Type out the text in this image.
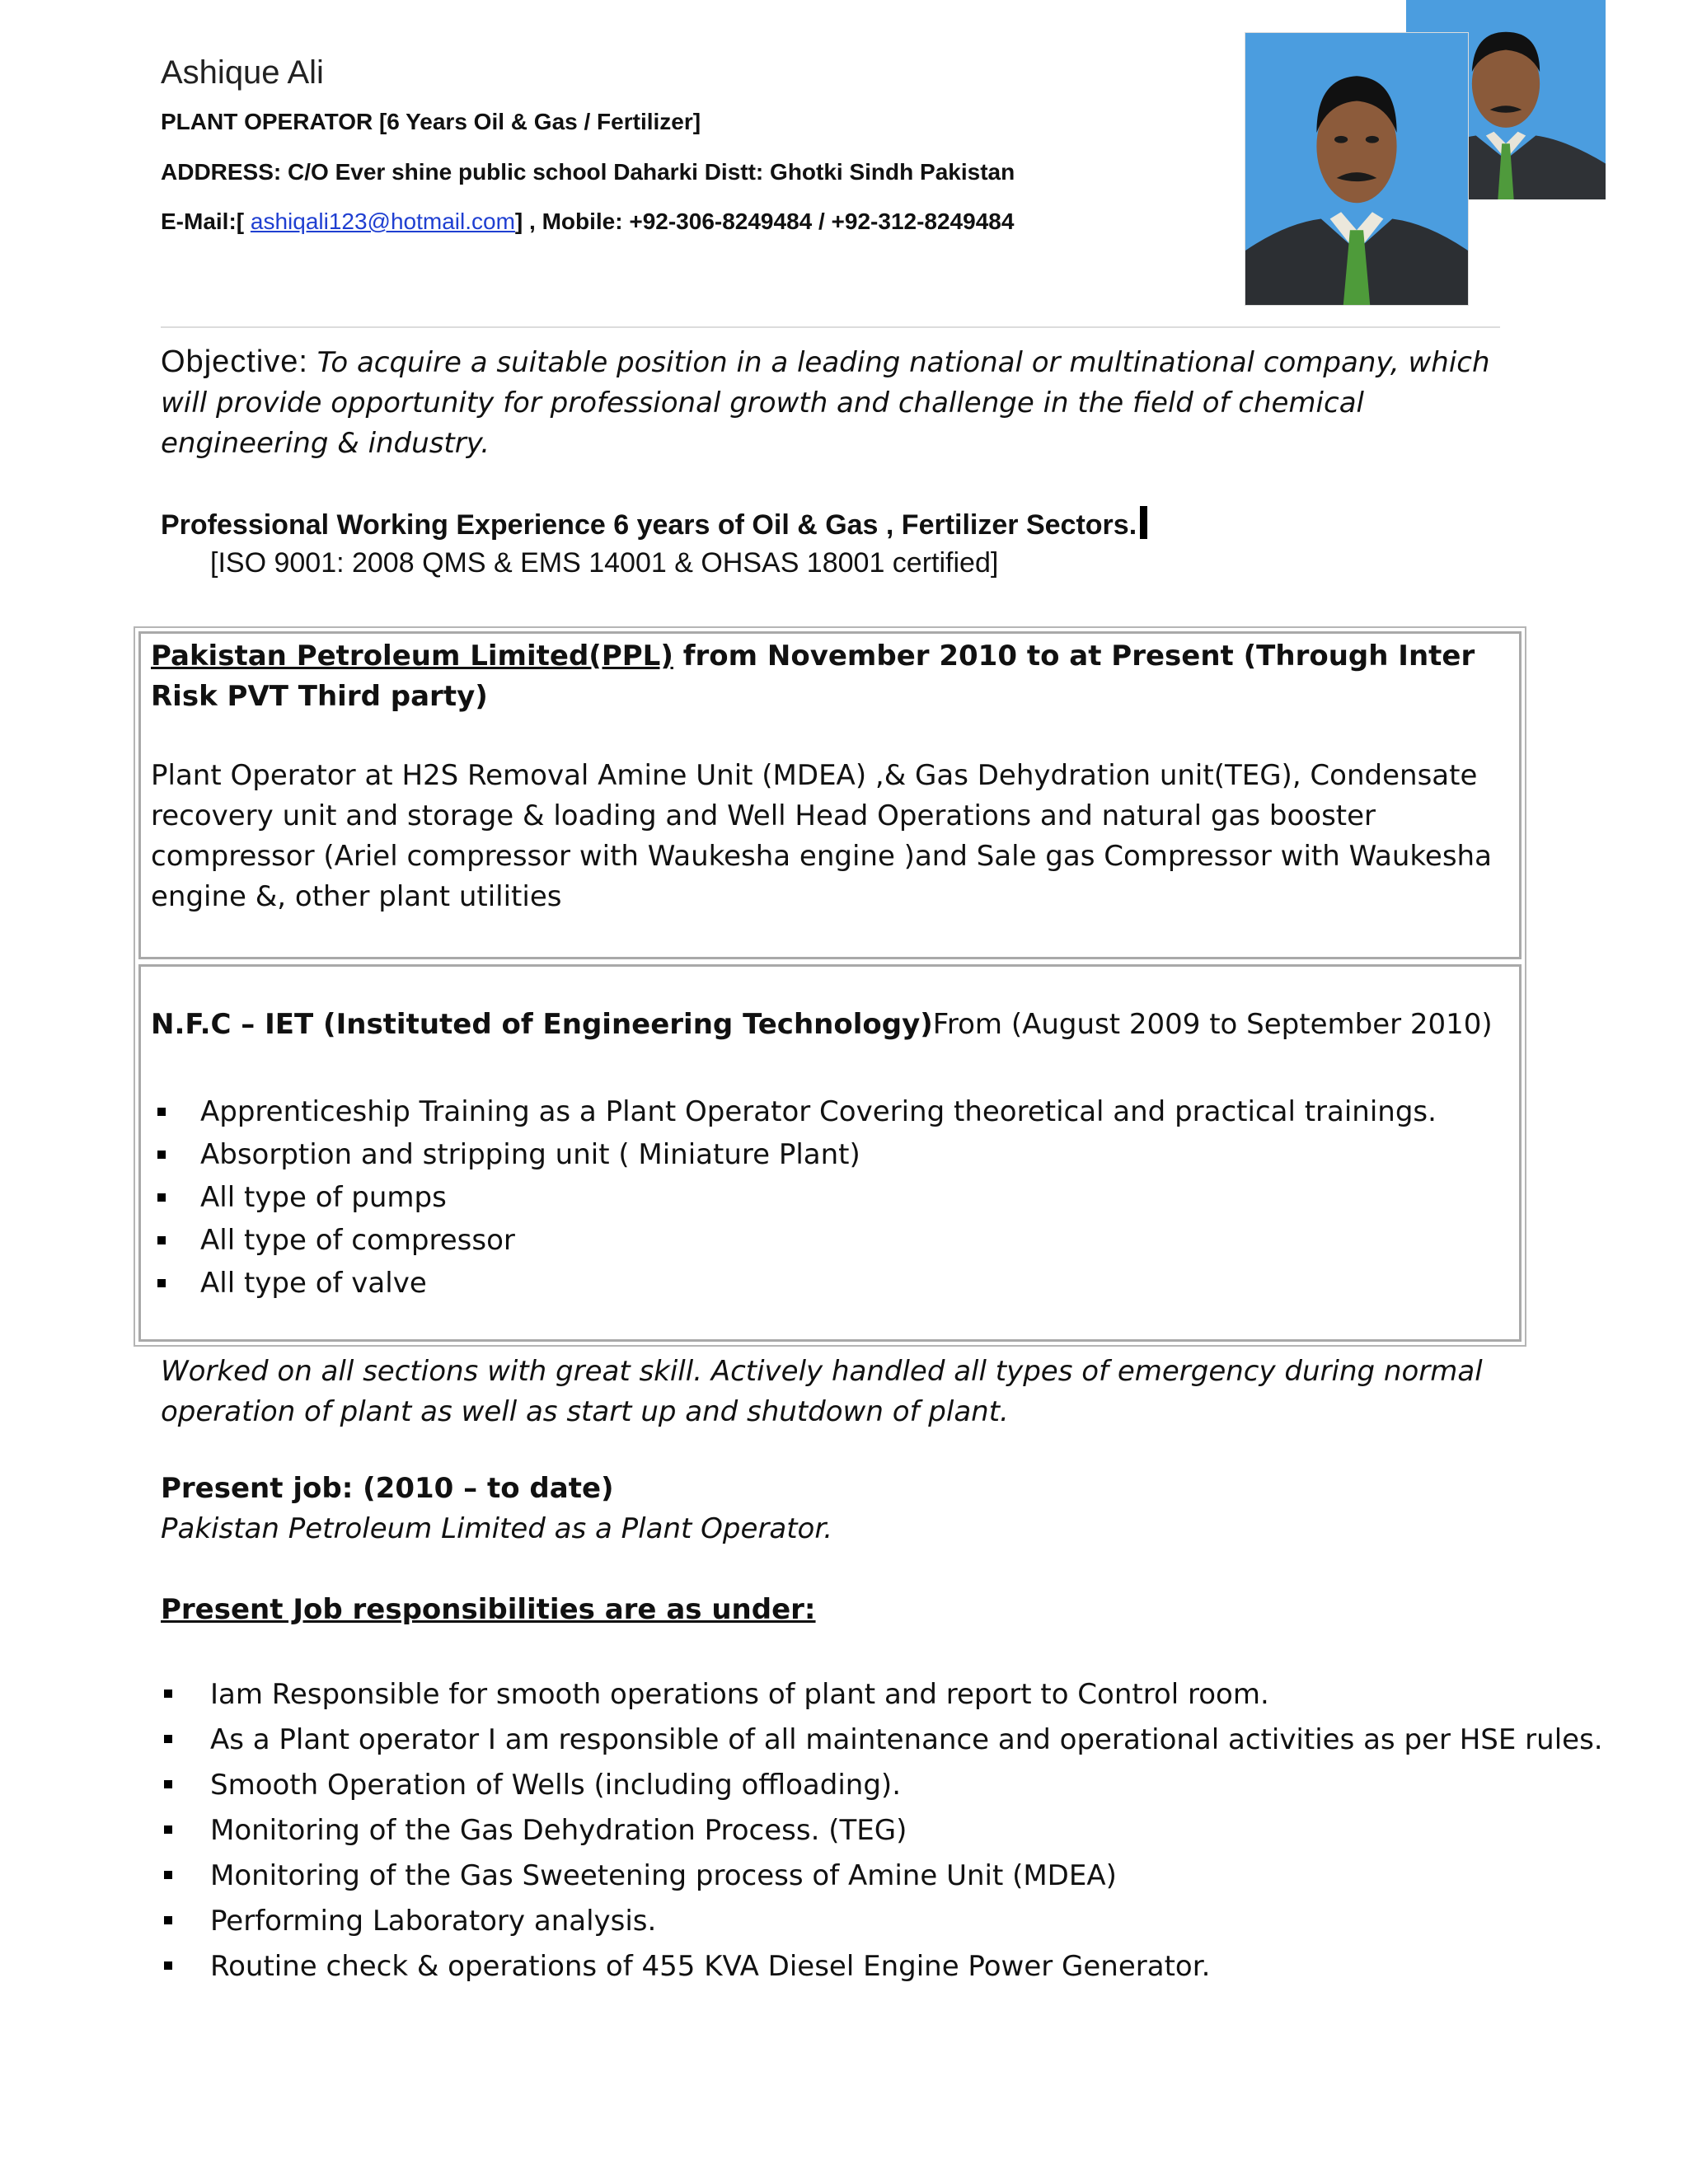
Ashique Ali
PLANT OPERATOR [6 Years Oil & Gas / Fertilizer]
ADDRESS: C/O Ever shine public school Daharki Distt: Ghotki Sindh Pakistan
E-Mail:[ ashiqali123@hotmail.com] , Mobile: +92-306-8249484 / +92-312-8249484
Objective: To acquire a suitable position in a leading national or multinational company, which will provide opportunity for professional growth and challenge in the field of chemical engineering & industry.
Professional Working Experience 6 years of Oil & Gas , Fertilizer Sectors.
[ISO 9001: 2008 QMS & EMS 14001 & OHSAS 18001 certified]
Pakistan Petroleum Limited(PPL) from November 2010 to at Present (Through Inter Risk PVT Third party)
Plant Operator at H2S Removal Amine Unit (MDEA) ,& Gas Dehydration unit(TEG), Condensate recovery unit and storage & loading and Well Head Operations and natural gas booster compressor (Ariel compressor with Waukesha engine )and Sale gas Compressor with Waukesha engine &, other plant utilities
N.F.C – IET (Instituted of Engineering Technology)From (August 2009 to September 2010)
Apprenticeship Training as a Plant Operator Covering theoretical and practical trainings.
Absorption and stripping unit ( Miniature Plant)
All type of pumps
All type of compressor
All type of valve
Worked on all sections with great skill. Actively handled all types of emergency during normal operation of plant as well as start up and shutdown of plant.
Present job: (2010 – to date)
Pakistan Petroleum Limited as a Plant Operator.
Present Job responsibilities are as under:
Iam Responsible for smooth operations of plant and report to Control room.
As a Plant operator I am responsible of all maintenance and operational activities as per HSE rules.
Smooth Operation of Wells (including offloading).
Monitoring of the Gas Dehydration Process. (TEG)
Monitoring of the Gas Sweetening process of Amine Unit (MDEA)
Performing Laboratory analysis.
Routine check & operations of 455 KVA Diesel Engine Power Generator.
